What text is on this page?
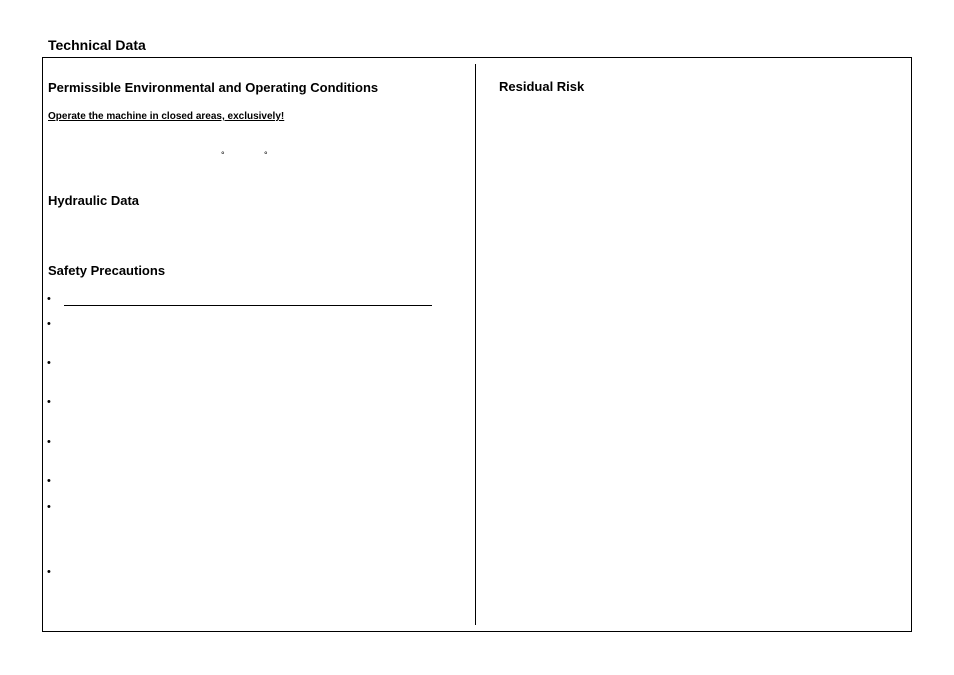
Technical Data
Permissible Environmental and Operating Conditions
Operate the machine in closed areas, exclusively!
°	°
Hydraulic Data
Safety Precautions
•
•
•
•
•
•
•
•
Residual Risk
